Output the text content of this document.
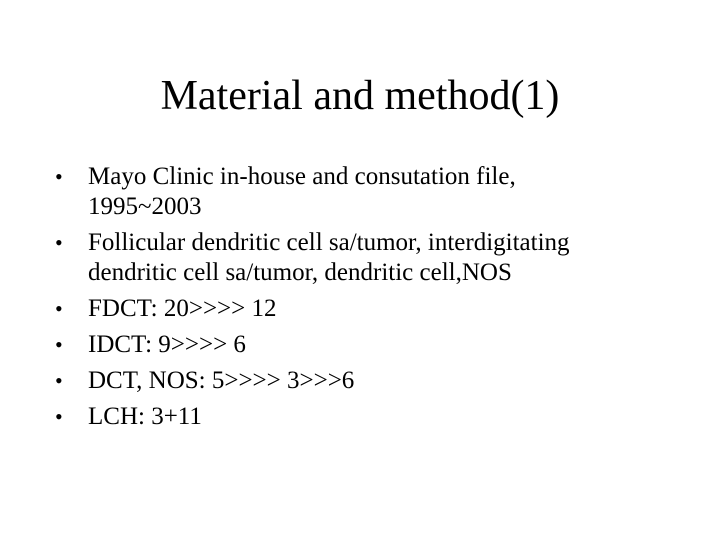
Material and method(1)
•	Mayo Clinic in-house and consutation file,
1995~2003
•	Follicular dendritic cell sa/tumor, interdigitating
dendritic cell sa/tumor, dendritic cell,NOS
•	FDCT: 20>>>> 12
•	IDCT: 9>>>> 6
•	DCT, NOS: 5>>>> 3>>>6
•	LCH: 3+11
